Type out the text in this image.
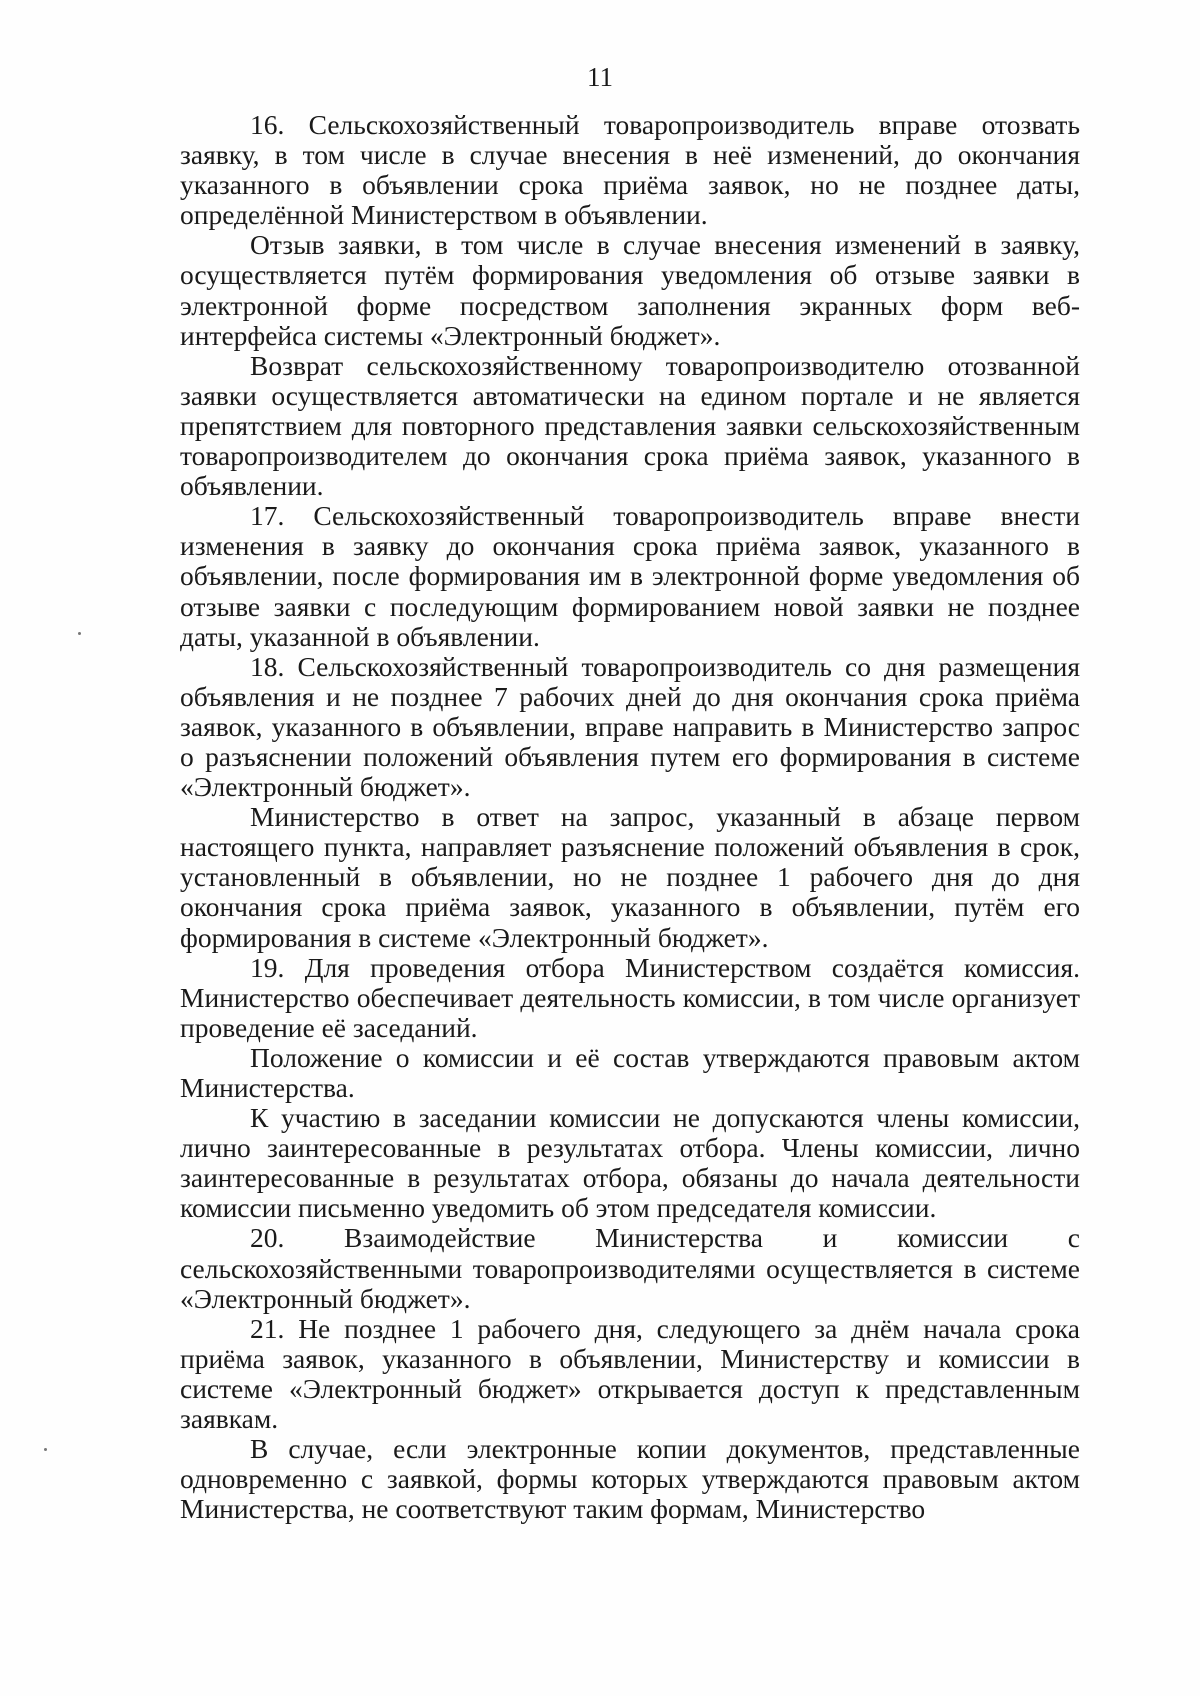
11

16. Сельскохозяйственный товаропроизводитель вправе отозвать заявку, в том числе в случае внесения в неё изменений, до окончания указанного в объявлении срока приёма заявок, но не позднее даты, определённой Министерством в объявлении.

Отзыв заявки, в том числе в случае внесения изменений в заявку, осуществляется путём формирования уведомления об отзыве заявки в электронной форме посредством заполнения экранных форм веб-интерфейса системы «Электронный бюджет».

Возврат сельскохозяйственному товаропроизводителю отозванной заявки осуществляется автоматически на едином портале и не является препятствием для повторного представления заявки сельскохозяйственным товаропроизводителем до окончания срока приёма заявок, указанного в объявлении.

17. Сельскохозяйственный товаропроизводитель вправе внести изменения в заявку до окончания срока приёма заявок, указанного в объявлении, после формирования им в электронной форме уведомления об отзыве заявки с последующим формированием новой заявки не позднее даты, указанной в объявлении.

18. Сельскохозяйственный товаропроизводитель со дня размещения объявления и не позднее 7 рабочих дней до дня окончания срока приёма заявок, указанного в объявлении, вправе направить в Министерство запрос о разъяснении положений объявления путем его формирования в системе «Электронный бюджет».

Министерство в ответ на запрос, указанный в абзаце первом настоящего пункта, направляет разъяснение положений объявления в срок, установленный в объявлении, но не позднее 1 рабочего дня до дня окончания срока приёма заявок, указанного в объявлении, путём его формирования в системе «Электронный бюджет».

19. Для проведения отбора Министерством создаётся комиссия. Министерство обеспечивает деятельность комиссии, в том числе организует проведение её заседаний.

Положение о комиссии и её состав утверждаются правовым актом Министерства.

К участию в заседании комиссии не допускаются члены комиссии, лично заинтересованные в результатах отбора. Члены комиссии, лично заинтересованные в результатах отбора, обязаны до начала деятельности комиссии письменно уведомить об этом председателя комиссии.

20. Взаимодействие Министерства и комиссии с сельскохозяйственными товаропроизводителями осуществляется в системе «Электронный бюджет».

21. Не позднее 1 рабочего дня, следующего за днём начала срока приёма заявок, указанного в объявлении, Министерству и комиссии в системе «Электронный бюджет» открывается доступ к представленным заявкам.

В случае, если электронные копии документов, представленные одновременно с заявкой, формы которых утверждаются правовым актом Министерства, не соответствуют таким формам, Министерство
